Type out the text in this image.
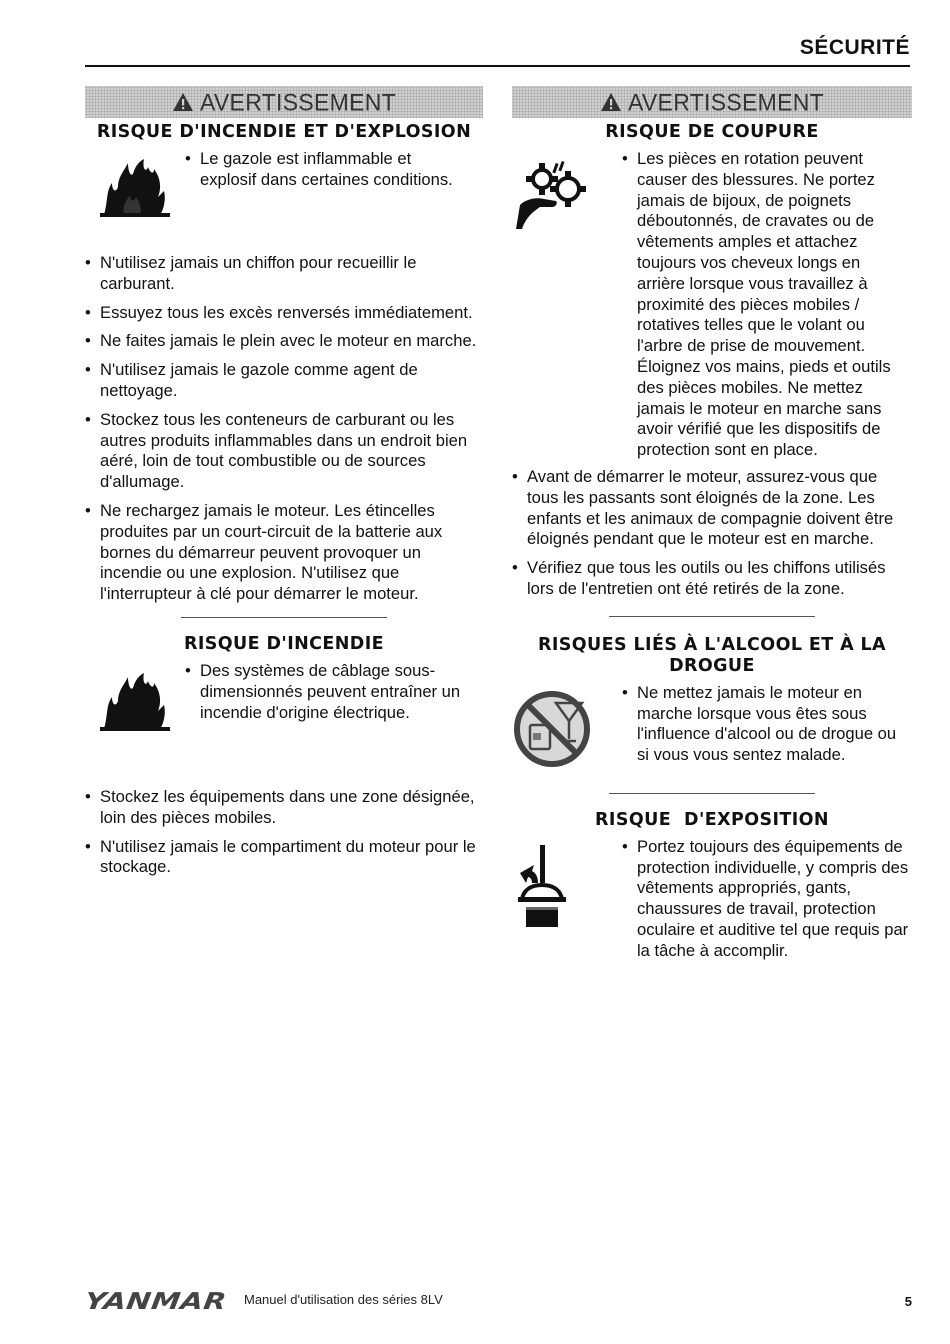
SÉCURITÉ
AVERTISSEMENT
RISQUE D'INCENDIE ET D'EXPLOSION
• Le gazole est inflammable et explosif dans certaines conditions.
• N'utilisez jamais un chiffon pour recueillir le carburant.
• Essuyez tous les excès renversés immédiatement.
• Ne faites jamais le plein avec le moteur en marche.
• N'utilisez jamais le gazole comme agent de nettoyage.
• Stockez tous les conteneurs de carburant ou les autres produits inflammables dans un endroit bien aéré, loin de tout combustible ou de sources d'allumage.
• Ne rechargez jamais le moteur. Les étincelles produites par un court-circuit de la batterie aux bornes du démarreur peuvent provoquer un incendie ou une explosion. N'utilisez que l'interrupteur à clé pour démarrer le moteur.
RISQUE D'INCENDIE
• Des systèmes de câblage sous-dimensionnés peuvent entraîner un incendie d'origine électrique.
• Stockez les équipements dans une zone désignée, loin des pièces mobiles.
• N'utilisez jamais le compartiment du moteur pour le stockage.
AVERTISSEMENT
RISQUE DE COUPURE
• Les pièces en rotation peuvent causer des blessures. Ne portez jamais de bijoux, de poignets déboutonnés, de cravates ou de vêtements amples et attachez toujours vos cheveux longs en arrière lorsque vous travaillez à proximité des pièces mobiles / rotatives telles que le volant ou l'arbre de prise de mouvement. Éloignez vos mains, pieds et outils des pièces mobiles. Ne mettez jamais le moteur en marche sans avoir vérifié que les dispositifs de protection sont en place.
• Avant de démarrer le moteur, assurez-vous que tous les passants sont éloignés de la zone. Les enfants et les animaux de compagnie doivent être éloignés pendant que le moteur est en marche.
• Vérifiez que tous les outils ou les chiffons utilisés lors de l'entretien ont été retirés de la zone.
RISQUES LIÉS À L'ALCOOL ET À LA DROGUE
• Ne mettez jamais le moteur en marche lorsque vous êtes sous l'influence d'alcool ou de drogue ou si vous vous sentez malade.
RISQUE  D'EXPOSITION
• Portez toujours des équipements de protection individuelle, y compris des vêtements appropriés, gants, chaussures de travail, protection oculaire et auditive tel que requis par la tâche à accomplir.
YANMAR Manuel d'utilisation des séries 8LV	5
